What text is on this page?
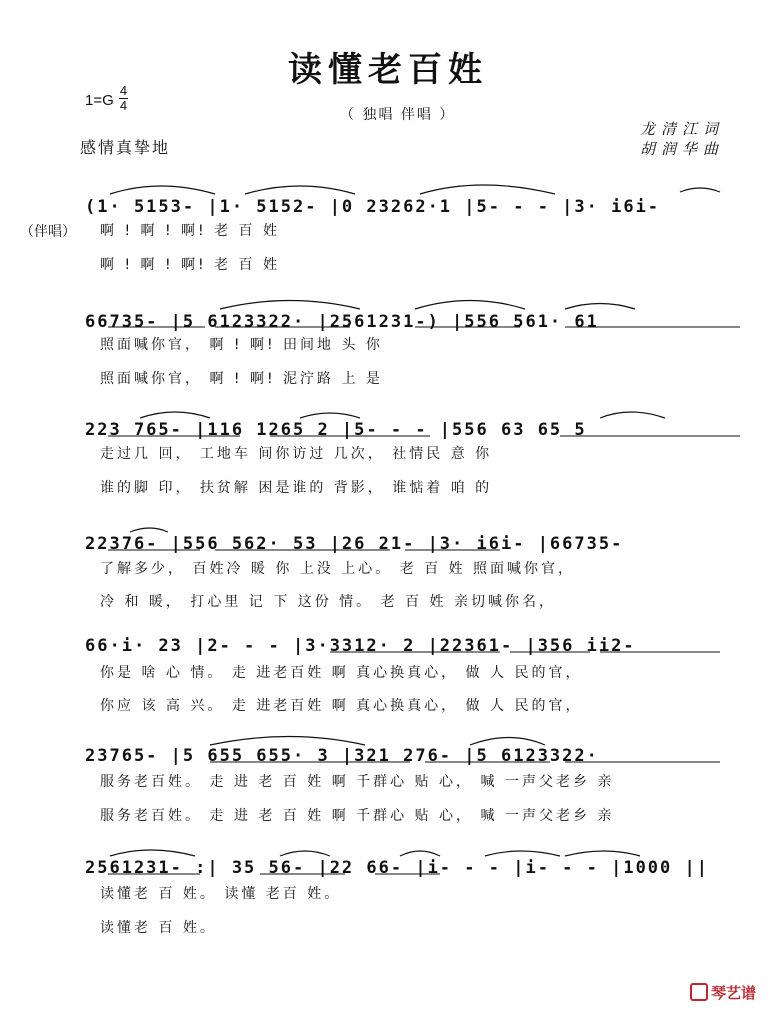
读懂老百姓
1=G
4
4
（ 独唱 伴唱 ）
感情真挚地
龙清江词
胡润华曲
(1· 5153- |1· 5152- |0 23262·1 |5- - - |3· i6i-
（伴唱） 啊 ! 啊 ! 啊! 老 百 姓
啊 ! 啊 ! 啊! 老 百 姓
66735- |5 6123322· |2561231-) |556 561· 61
照面喊你官， 啊 ! 啊! 田间地 头 你
照面喊你官， 啊 ! 啊! 泥泞路 上 是
223 765- |116 1265 2 |5- - - |556 63 65 5
走过几 回， 工地车 间你访过 几次， 社情民 意 你
谁的脚 印， 扶贫解 困是谁的 背影， 谁惦着 咱 的
22376- |556 562· 53 |26 21- |3· i6i- |66735-
了解多少， 百姓冷 暖 你 上没 上心。 老 百 姓 照面喊你官，
冷 和 暖， 打心里 记 下 这份 情。 老 百 姓 亲切喊你名，
66·i· 23 |2- - - |3·3312· 2 |22361- |356 ii2-
你是 啥 心 情。 走 进老百姓 啊 真心换真心， 做 人 民的官，
你应 该 高 兴。 走 进老百姓 啊 真心换真心， 做 人 民的官，
23765- |5 655 655· 3 |321 276- |5 6123322·
服务老百姓。 走 进 老 百 姓 啊 千群心 贴 心， 喊 一声父老乡 亲
服务老百姓。 走 进 老 百 姓 啊 千群心 贴 心， 喊 一声父老乡 亲
2561231- :| 35 56- |22 66- |i- - - |i- - - |1000 ||
读懂老 百 姓。 读懂 老百 姓。
读懂老 百 姓。
琴艺谱
